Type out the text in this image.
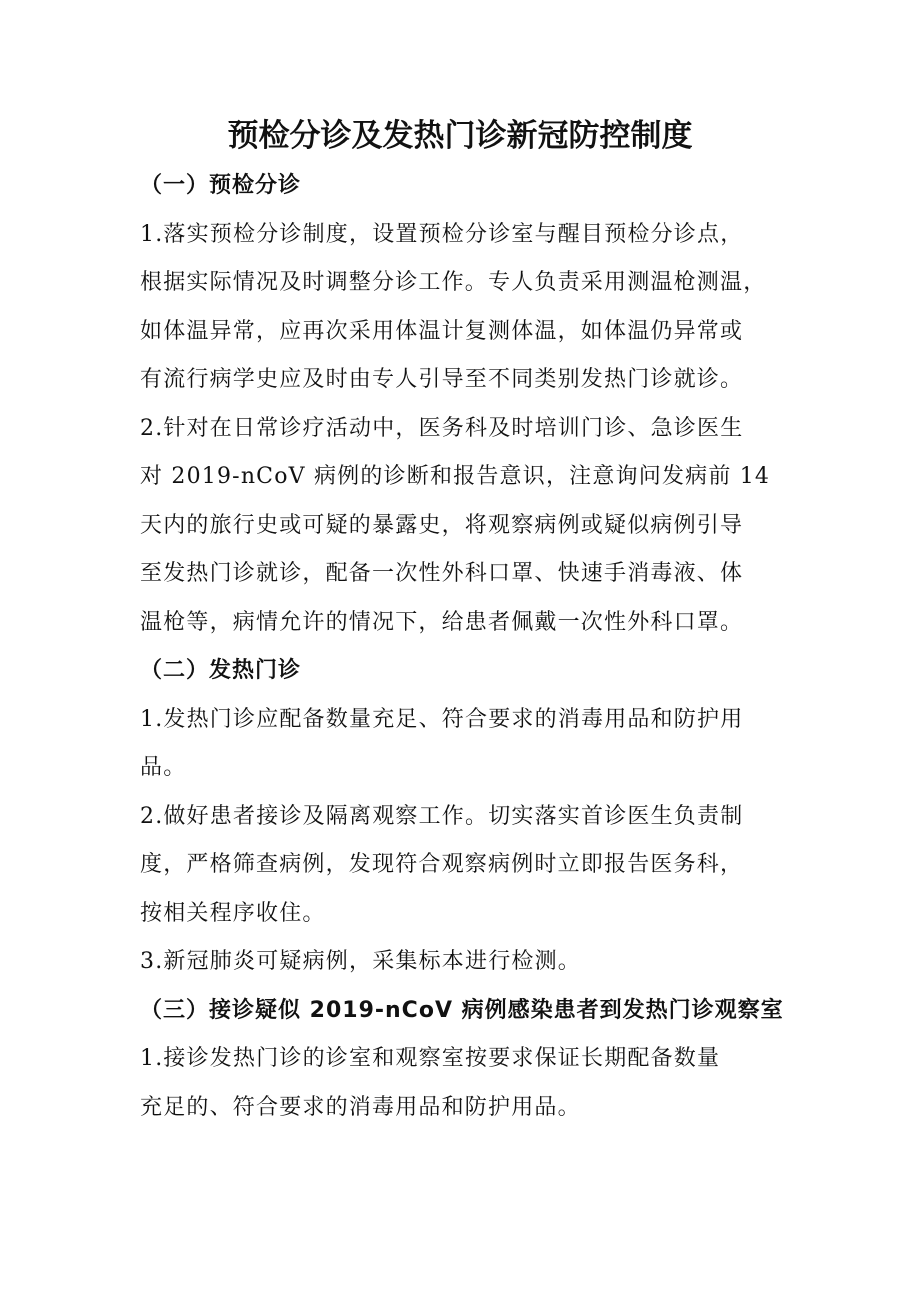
预检分诊及发热门诊新冠防控制度
（一）预检分诊
1.落实预检分诊制度，设置预检分诊室与醒目预检分诊点，
根据实际情况及时调整分诊工作。专人负责采用测温枪测温，
如体温异常，应再次采用体温计复测体温，如体温仍异常或
有流行病学史应及时由专人引导至不同类别发热门诊就诊。
2.针对在日常诊疗活动中，医务科及时培训门诊、急诊医生
对 2019-nCoV 病例的诊断和报告意识，注意询问发病前 14
天内的旅行史或可疑的暴露史，将观察病例或疑似病例引导
至发热门诊就诊，配备一次性外科口罩、快速手消毒液、体
温枪等，病情允许的情况下，给患者佩戴一次性外科口罩。
（二）发热门诊
1.发热门诊应配备数量充足、符合要求的消毒用品和防护用
品。
2.做好患者接诊及隔离观察工作。切实落实首诊医生负责制
度，严格筛查病例，发现符合观察病例时立即报告医务科，
按相关程序收住。
3.新冠肺炎可疑病例，采集标本进行检测。
（三）接诊疑似 2019-nCoV 病例感染患者到发热门诊观察室
1.接诊发热门诊的诊室和观察室按要求保证长期配备数量
充足的、符合要求的消毒用品和防护用品。
